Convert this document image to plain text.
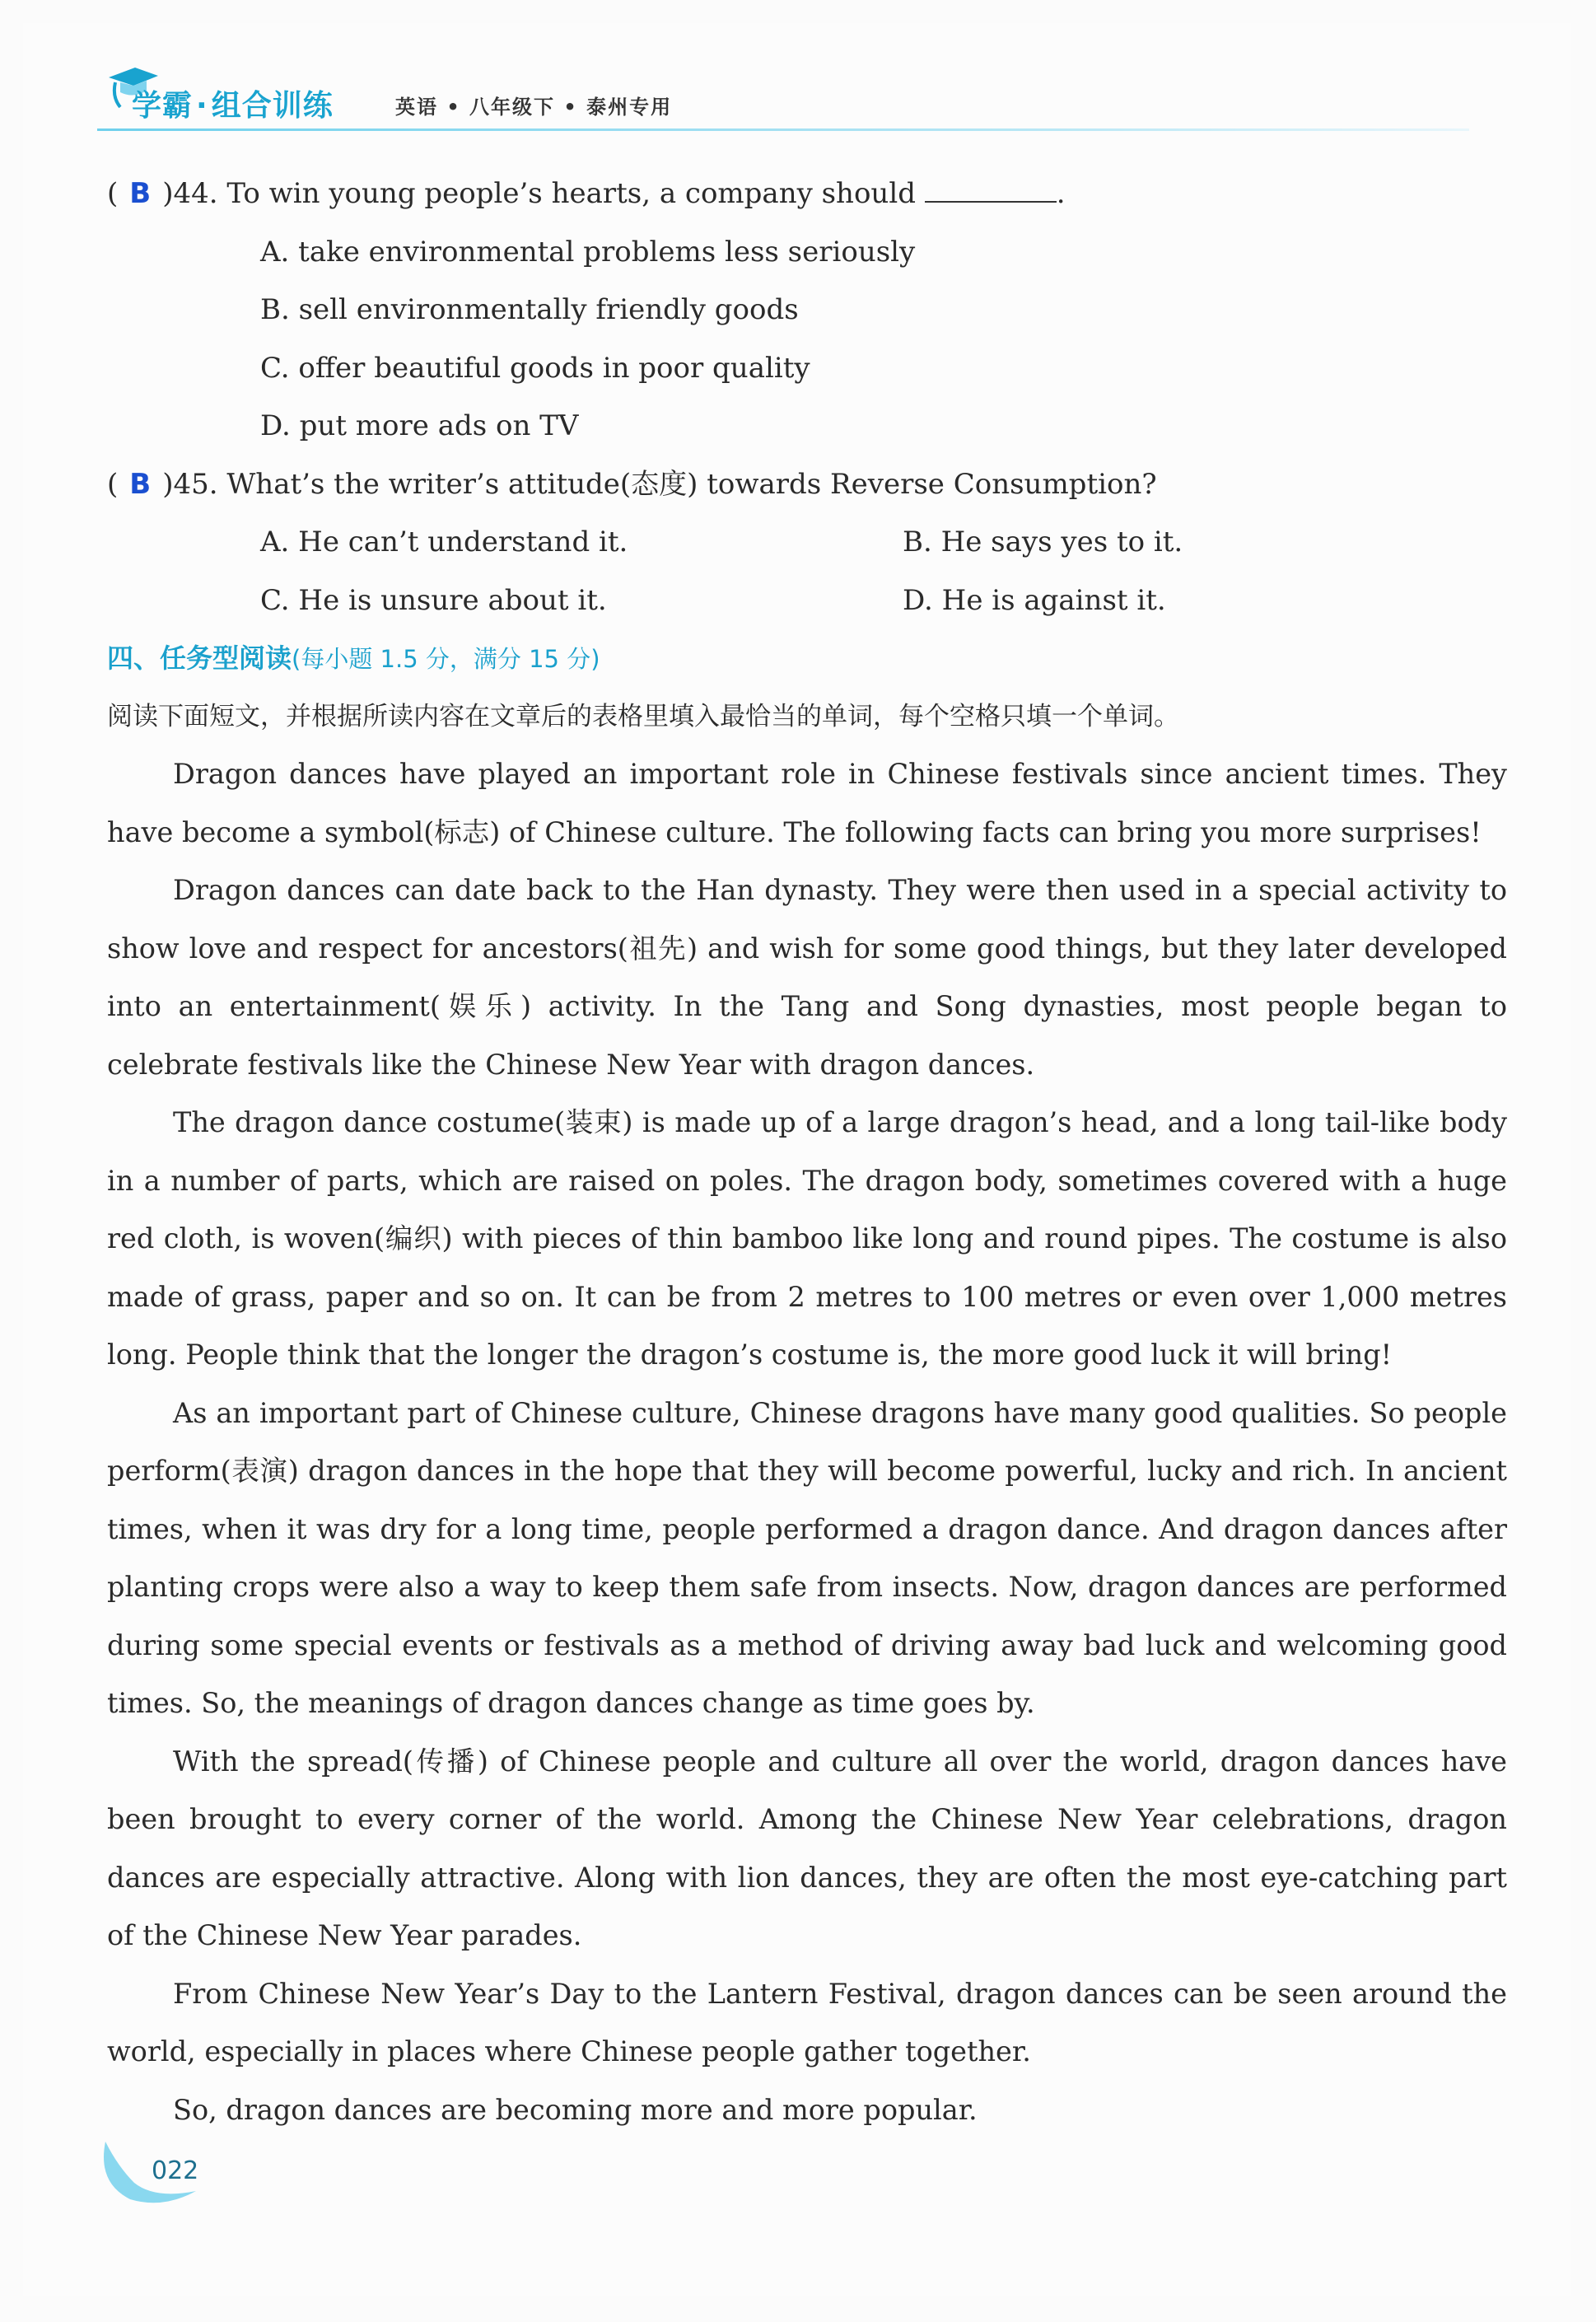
学霸 · 组合训练	英语 • 八年级下 • 泰州专用
( B )44. To win young people’s hearts, a company should	.
A. take environmental problems less seriously
B. sell environmentally friendly goods
C. offer beautiful goods in poor quality
D. put more ads on TV
( B )45. What’s the writer’s attitude(态度) towards Reverse Consumption?
A. He can’t understand it.	B. He says yes to it.
C. He is unsure about it.	D. He is against it.
四、任务型阅读(每小题 1.5 分，满分 15 分)
阅读下面短文，并根据所读内容在文章后的表格里填入最恰当的单词，每个空格只填一个单词。

Dragon dances have played an important role in Chinese festivals since ancient times. They have become a symbol(标志) of Chinese culture. The following facts can bring you more surprises!

Dragon dances can date back to the Han dynasty. They were then used in a special activity to show love and respect for ancestors(祖先) and wish for some good things, but they later developed into an entertainment(娱乐) activity. In the Tang and Song dynasties, most people began to celebrate festivals like the Chinese New Year with dragon dances.

The dragon dance costume(装束) is made up of a large dragon’s head, and a long tail-like body in a number of parts, which are raised on poles. The dragon body, sometimes covered with a huge red cloth, is woven(编织) with pieces of thin bamboo like long and round pipes. The costume is also made of grass, paper and so on. It can be from 2 metres to 100 metres or even over 1,000 metres long. People think that the longer the dragon’s costume is, the more good luck it will bring!

As an important part of Chinese culture, Chinese dragons have many good qualities. So people perform(表演) dragon dances in the hope that they will become powerful, lucky and rich. In ancient times, when it was dry for a long time, people performed a dragon dance. And dragon dances after planting crops were also a way to keep them safe from insects. Now, dragon dances are performed during some special events or festivals as a method of driving away bad luck and welcoming good times. So, the meanings of dragon dances change as time goes by.

With the spread(传播) of Chinese people and culture all over the world, dragon dances have been brought to every corner of the world. Among the Chinese New Year celebrations, dragon dances are especially attractive. Along with lion dances, they are often the most eye-catching part of the Chinese New Year parades.

From Chinese New Year’s Day to the Lantern Festival, dragon dances can be seen around the world, especially in places where Chinese people gather together.

So, dragon dances are becoming more and more popular.

022
